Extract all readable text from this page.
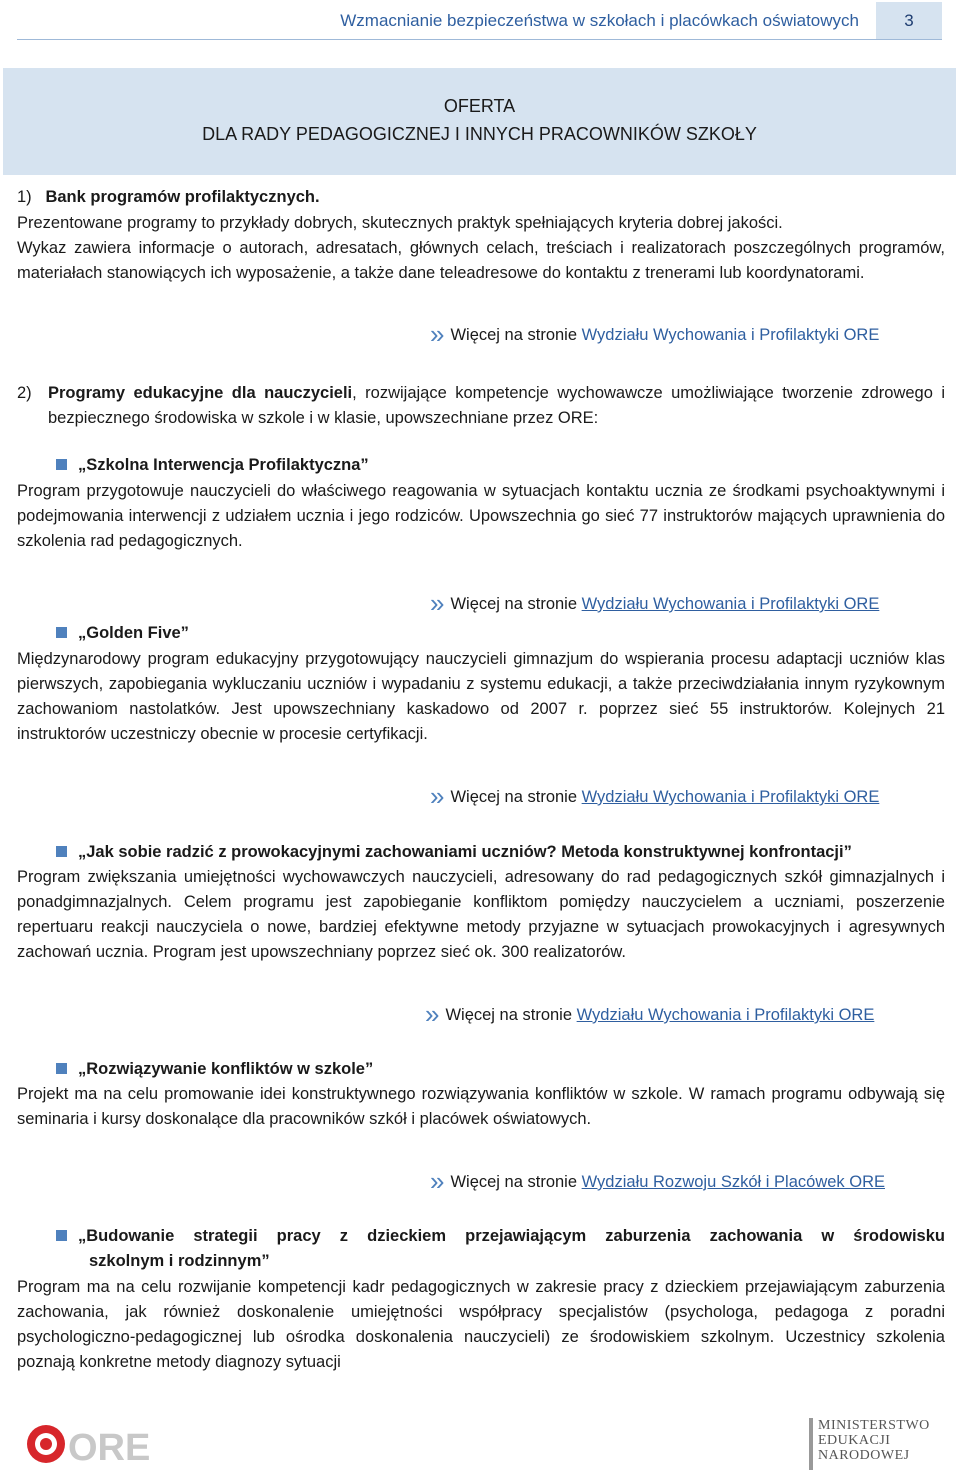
Wzmacnianie bezpieczeństwa w szkołach i placówkach oświatowych	3
OFERTA
DLA RADY PEDAGOGICZNEJ I INNYCH PRACOWNIKÓW SZKOŁY
1) Bank programów profilaktycznych.
Prezentowane programy to przykłady dobrych, skutecznych praktyk spełniających kryteria dobrej jakości.
Wykaz zawiera informacje o autorach, adresatach, głównych celach, treściach i realizatorach poszczególnych programów, materiałach stanowiących ich wyposażenie, a także dane teleadresowe do kontaktu z trenerami lub koordynatorami.
» Więcej na stronie Wydziału Wychowania i Profilaktyki ORE
2) Programy edukacyjne dla nauczycieli, rozwijające kompetencje wychowawcze umożliwiające tworzenie zdrowego i bezpiecznego środowiska w szkole i w klasie, upowszechniane przez ORE:
„Szkolna Interwencja Profilaktyczna”
Program przygotowuje nauczycieli do właściwego reagowania w sytuacjach kontaktu ucznia ze środkami psychoaktywnymi i podejmowania interwencji z udziałem ucznia i jego rodziców. Upowszechnia go sieć 77 instruktorów mających uprawnienia do szkolenia rad pedagogicznych.
» Więcej na stronie Wydziału Wychowania i Profilaktyki ORE
„Golden Five”
Międzynarodowy program edukacyjny przygotowujący nauczycieli gimnazjum do wspierania procesu adaptacji uczniów klas pierwszych, zapobiegania wykluczaniu uczniów i wypadaniu z systemu edukacji, a także przeciwdziałania innym ryzykownym zachowaniom nastolatków. Jest upowszechniany kaskadowo od 2007 r. poprzez sieć 55 instruktorów. Kolejnych 21 instruktorów uczestniczy obecnie w procesie certyfikacji.
» Więcej na stronie Wydziału Wychowania i Profilaktyki ORE
„Jak sobie radzić z prowokacyjnymi zachowaniami uczniów? Metoda konstruktywnej konfrontacji”
Program zwiększania umiejętności wychowawczych nauczycieli, adresowany do rad pedagogicznych szkół gimnazjalnych i ponadgimnazjalnych. Celem programu jest zapobieganie konfliktom pomiędzy nauczycielem a uczniami, poszerzenie repertuaru reakcji nauczyciela o nowe, bardziej efektywne metody przyjazne w sytuacjach prowokacyjnych i agresywnych zachowań ucznia. Program jest upowszechniany poprzez sieć ok. 300 realizatorów.
» Więcej na stronie Wydziału Wychowania i Profilaktyki ORE
„Rozwiązywanie konfliktów w szkole”
Projekt ma na celu promowanie idei konstruktywnego rozwiązywania konfliktów w szkole. W ramach programu odbywają się seminaria i kursy doskonalące dla pracowników szkół i placówek oświatowych.
» Więcej na stronie Wydziału Rozwoju Szkół i Placówek ORE
„Budowanie strategii pracy z dzieckiem przejawiającym zaburzenia zachowania w środowisku
szkolnym i rodzinnym”
Program ma na celu rozwijanie kompetencji kadr pedagogicznych w zakresie pracy z dzieckiem przejawiającym zaburzenia zachowania, jak również doskonalenie umiejętności współpracy specjalistów (psychologa, pedagoga z poradni psychologiczno-pedagogicznej lub ośrodka doskonalenia nauczycieli) ze środowiskiem szkolnym. Uczestnicy szkolenia poznają konkretne metody diagnozy sytuacji
ORE
MINISTERSTWO
EDUKACJI
NARODOWEJ
